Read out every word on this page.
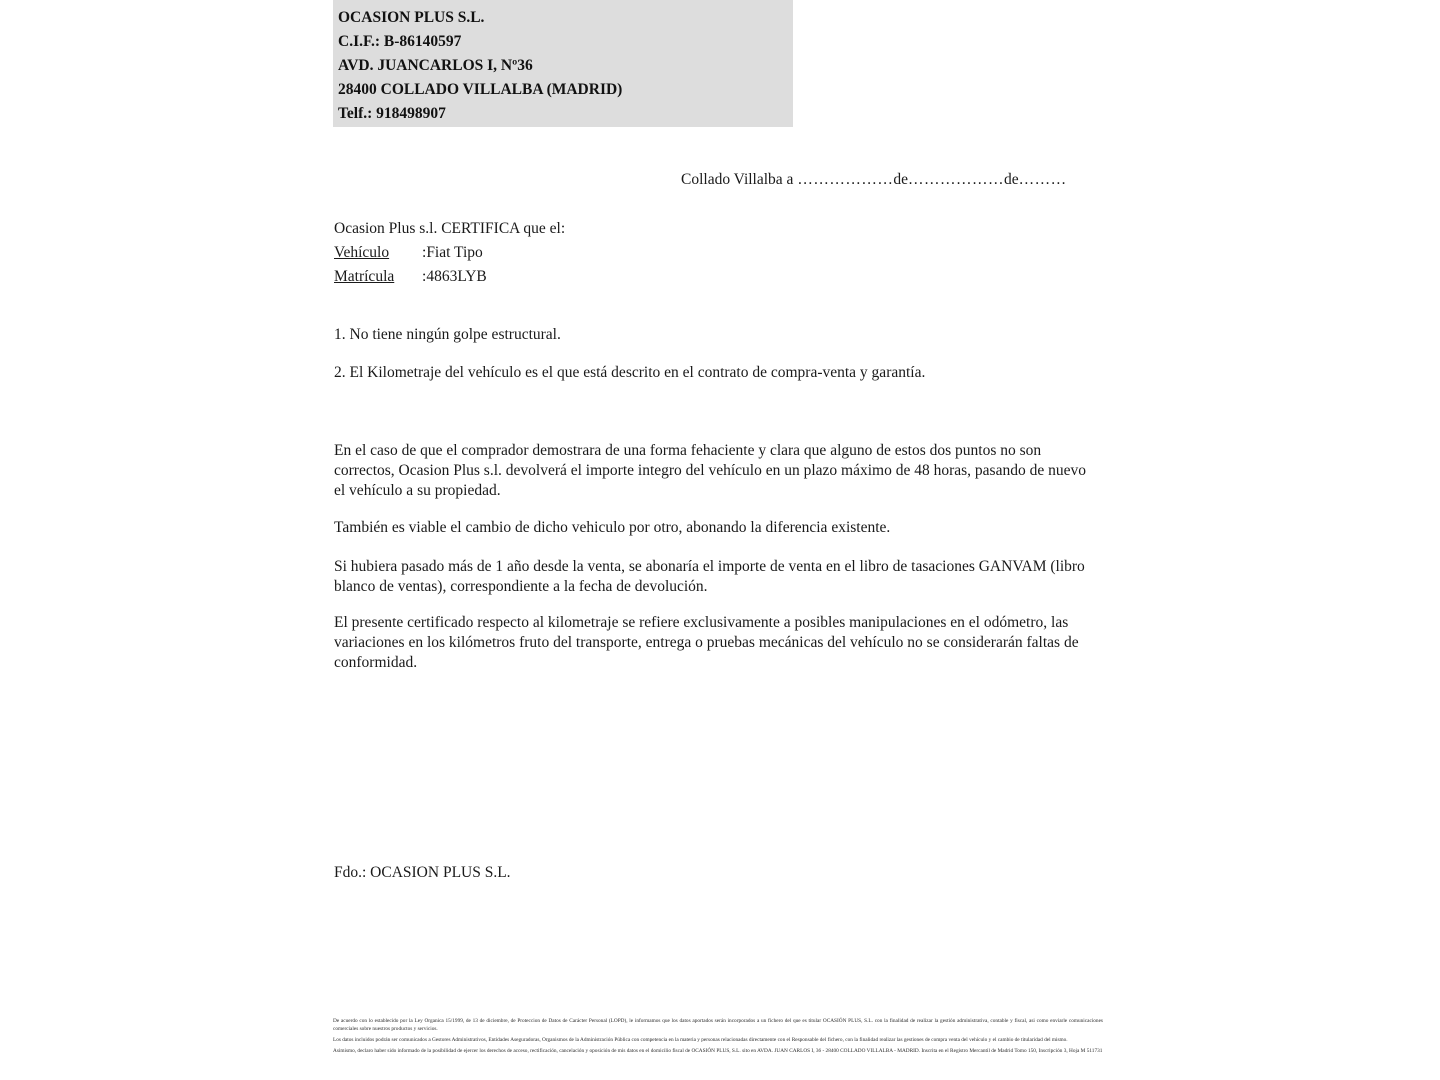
OCASION PLUS S.L.
C.I.F.: B-86140597
AVD. JUANCARLOS I, Nº36
28400 COLLADO VILLALBA (MADRID)
Telf.: 918498907
Collado Villalba a ………………de………………de………
Ocasion Plus s.l. CERTIFICA que el:
Vehículo	: Fiat Tipo
Matrícula	: 4863LYB
1. No tiene ningún golpe estructural.
2. El Kilometraje del vehículo es el que está descrito en el contrato de compra-venta y garantía.
En el caso de que el comprador demostrara de una forma fehaciente y clara que alguno de estos dos puntos no son correctos, Ocasion Plus s.l. devolverá el importe integro del vehículo en un plazo máximo de 48 horas, pasando de nuevo el vehículo a su propiedad.
También es viable el cambio de dicho vehiculo por otro, abonando la diferencia existente.
Si hubiera pasado más de 1 año desde la venta, se abonaría el importe de venta en el libro de tasaciones GANVAM (libro blanco de ventas), correspondiente a la fecha de devolución.
El presente certificado respecto al kilometraje se refiere exclusivamente a posibles manipulaciones en el odómetro, las variaciones en los kilómetros fruto del transporte, entrega o pruebas mecánicas del vehículo no se considerarán faltas de conformidad.
Fdo.: OCASION PLUS S.L.

De acuerdo con lo establecido por la Ley Organica 15/1999, de 13 de diciembre, de Proteccion de Datos de Carácter Personal (LOPD), le informamos que los datos aportados serán incorporados a un fichero del que es titular OCASIÓN PLUS, S.L. con la finalidad de realizar la gestión administrativa, contable y fiscal, asi como enviarle comunicaciones comerciales sobre nuestros productos y servicios.

Los datos incluidos podrán ser comunicados a Gestores Administrativos, Entidades Aseguradoras, Organismos de la Administración Pública con competencia en la materia y personas relacionadas directamente con el Responsable del fichero, con la finalidad realizar las gestiones de compra venta del vehículo y el cambio de titularidad del mismo.

Asimismo, declaro haber sido informado de la posibilidad de ejercer los derechos de acceso, rectificación, cancelación y oposición de mis datos en el domicilio fiscal de OCASIÓN PLUS, S.L. sito en AVDA. JUAN CARLOS I, 36 - 28400 COLLADO VILLALBA - MADRID. Inscrita en el Registro Mercantil de Madrid Tomo 150, Inscripción 3, Hoja M 511731
